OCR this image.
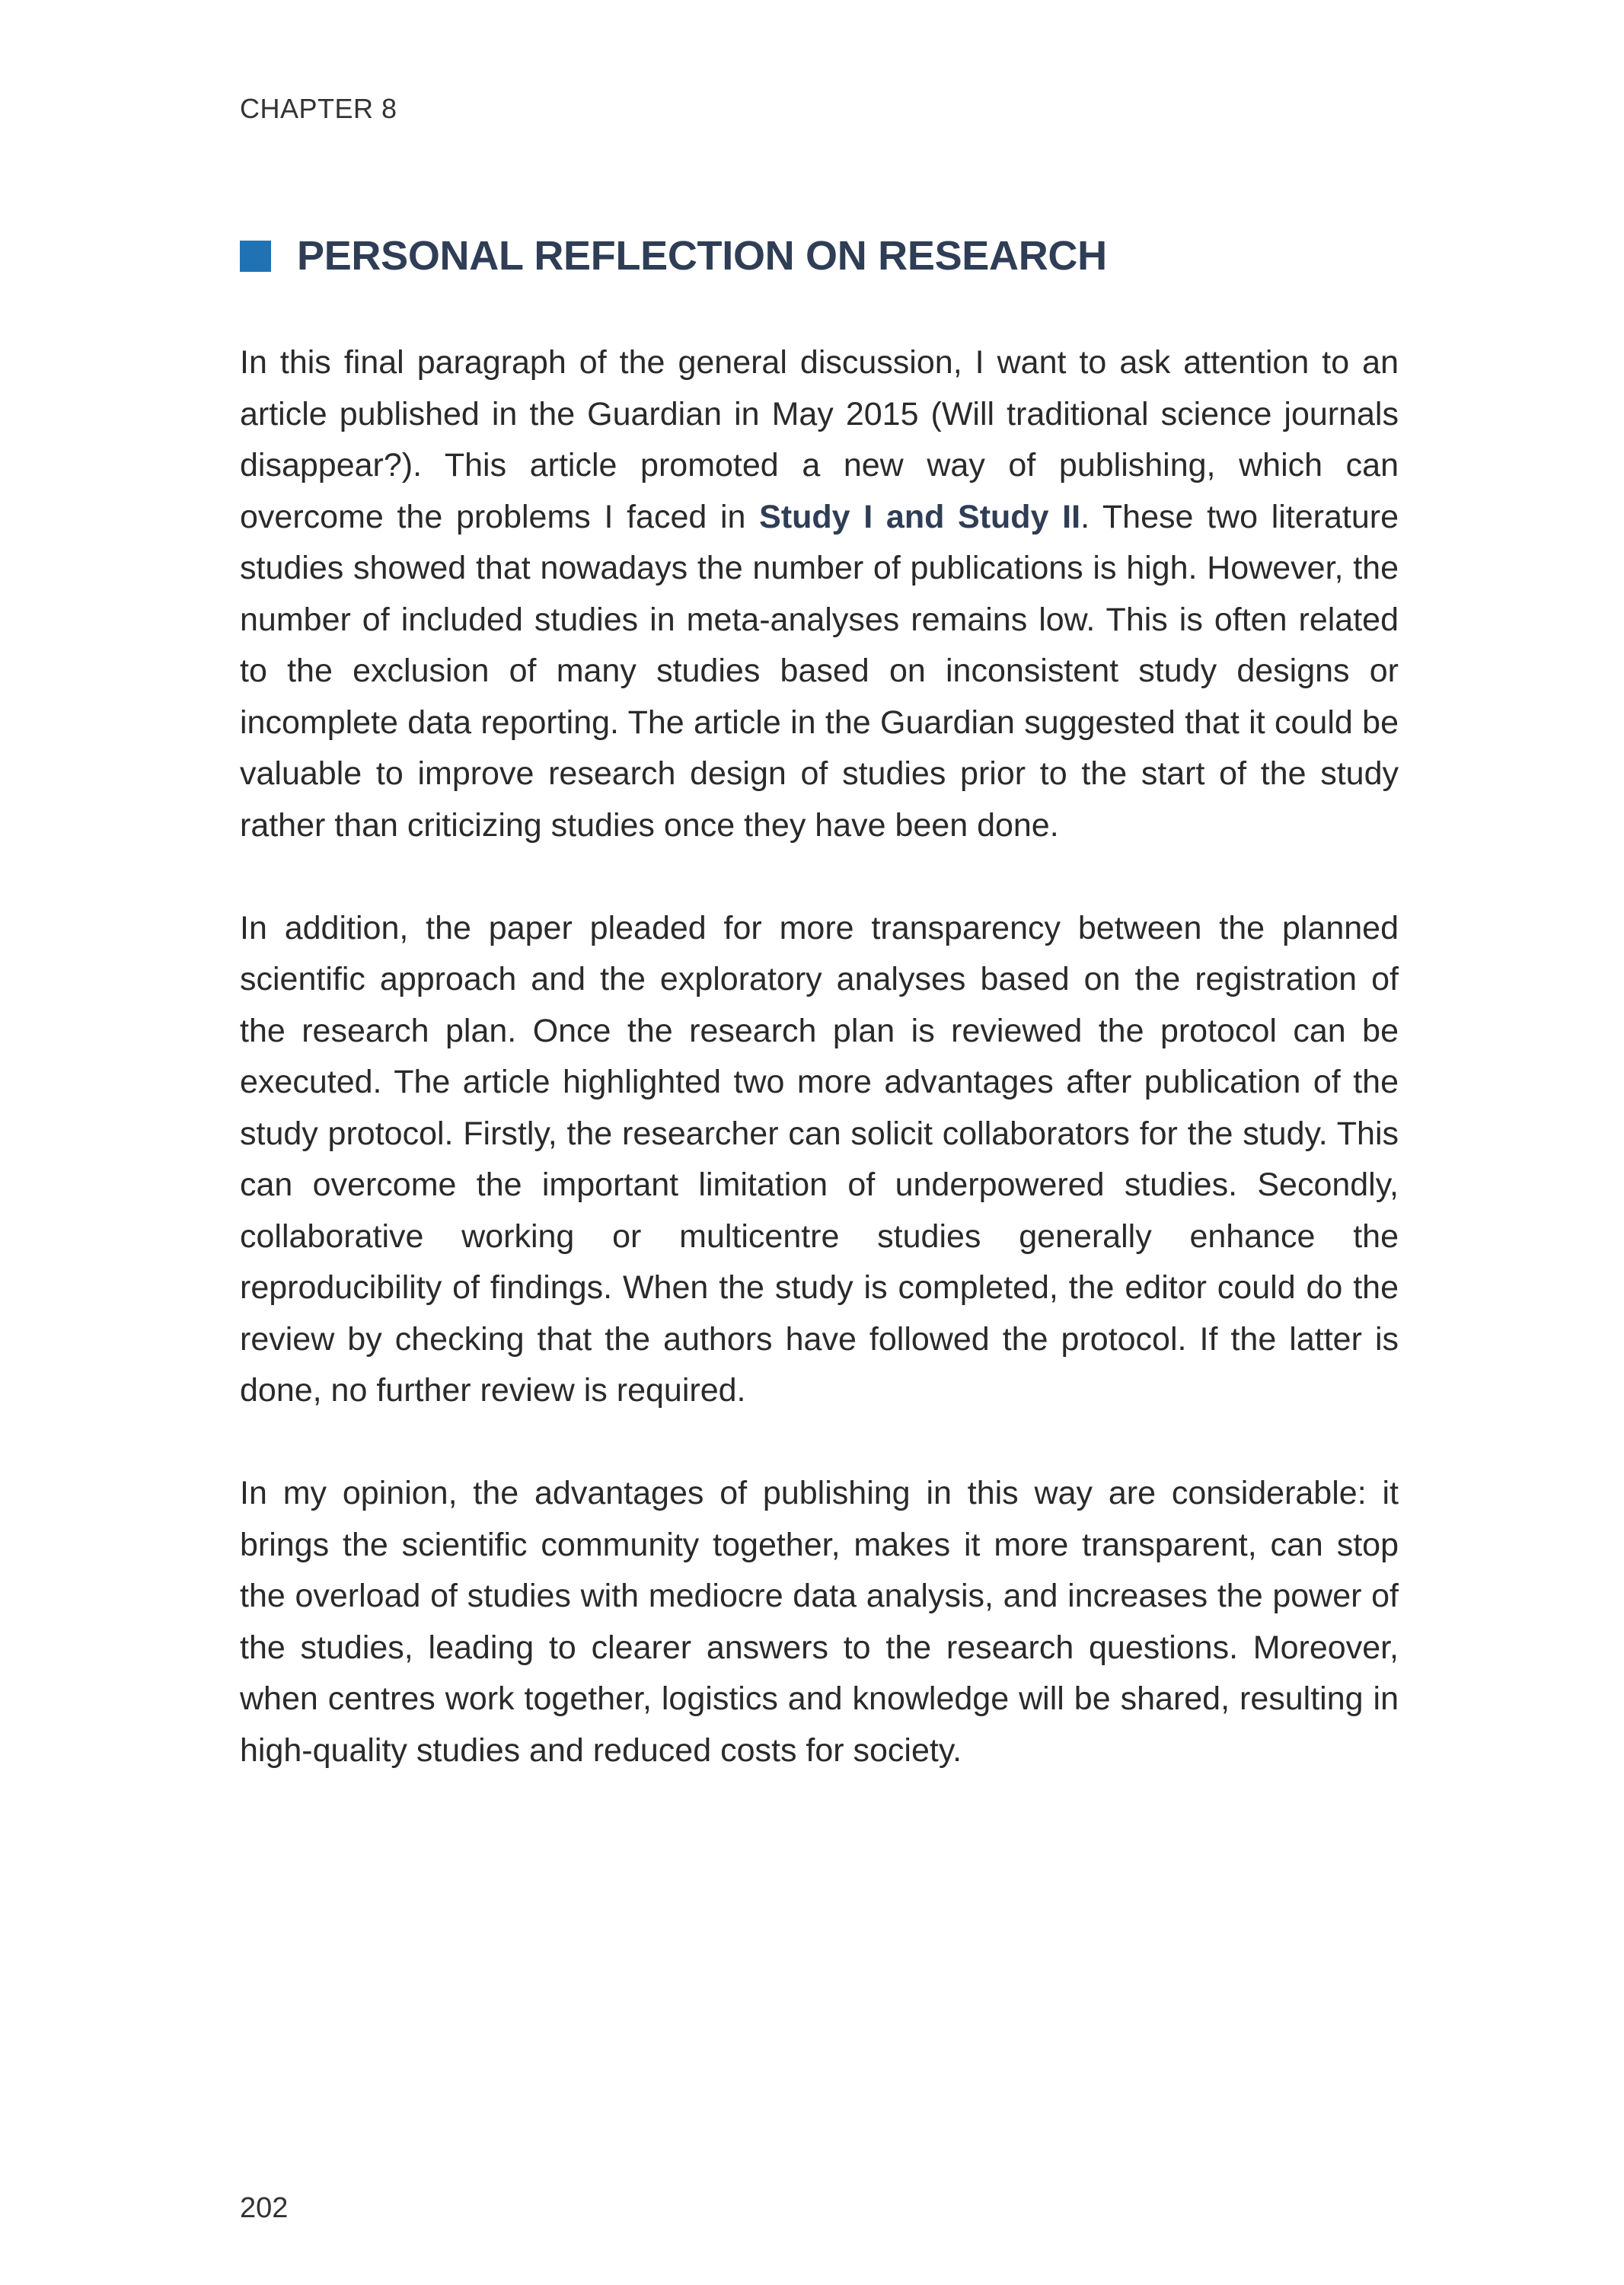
CHAPTER 8
PERSONAL REFLECTION ON RESEARCH

In this final paragraph of the general discussion, I want to ask attention to an article published in the Guardian in May 2015 (Will traditional science journals disappear?). This article promoted a new way of publishing, which can overcome the problems I faced in Study I and Study II. These two literature studies showed that nowadays the number of publications is high. However, the number of included studies in meta-analyses remains low. This is often related to the exclusion of many studies based on inconsistent study designs or incomplete data reporting. The article in the Guardian suggested that it could be valuable to improve research design of studies prior to the start of the study rather than criticizing studies once they have been done.

In addition, the paper pleaded for more transparency between the planned scientific approach and the exploratory analyses based on the registration of the research plan. Once the research plan is reviewed the protocol can be executed. The article highlighted two more advantages after publication of the study protocol. Firstly, the researcher can solicit collaborators for the study. This can overcome the important limitation of underpowered studies. Secondly, collaborative working or multicentre studies generally enhance the reproducibility of findings. When the study is completed, the editor could do the review by checking that the authors have followed the protocol. If the latter is done, no further review is required.

In my opinion, the advantages of publishing in this way are considerable: it brings the scientific community together, makes it more transparent, can stop the overload of studies with mediocre data analysis, and increases the power of the studies, leading to clearer answers to the research questions. Moreover, when centres work together, logistics and knowledge will be shared, resulting in high-quality studies and reduced costs for society.

202
